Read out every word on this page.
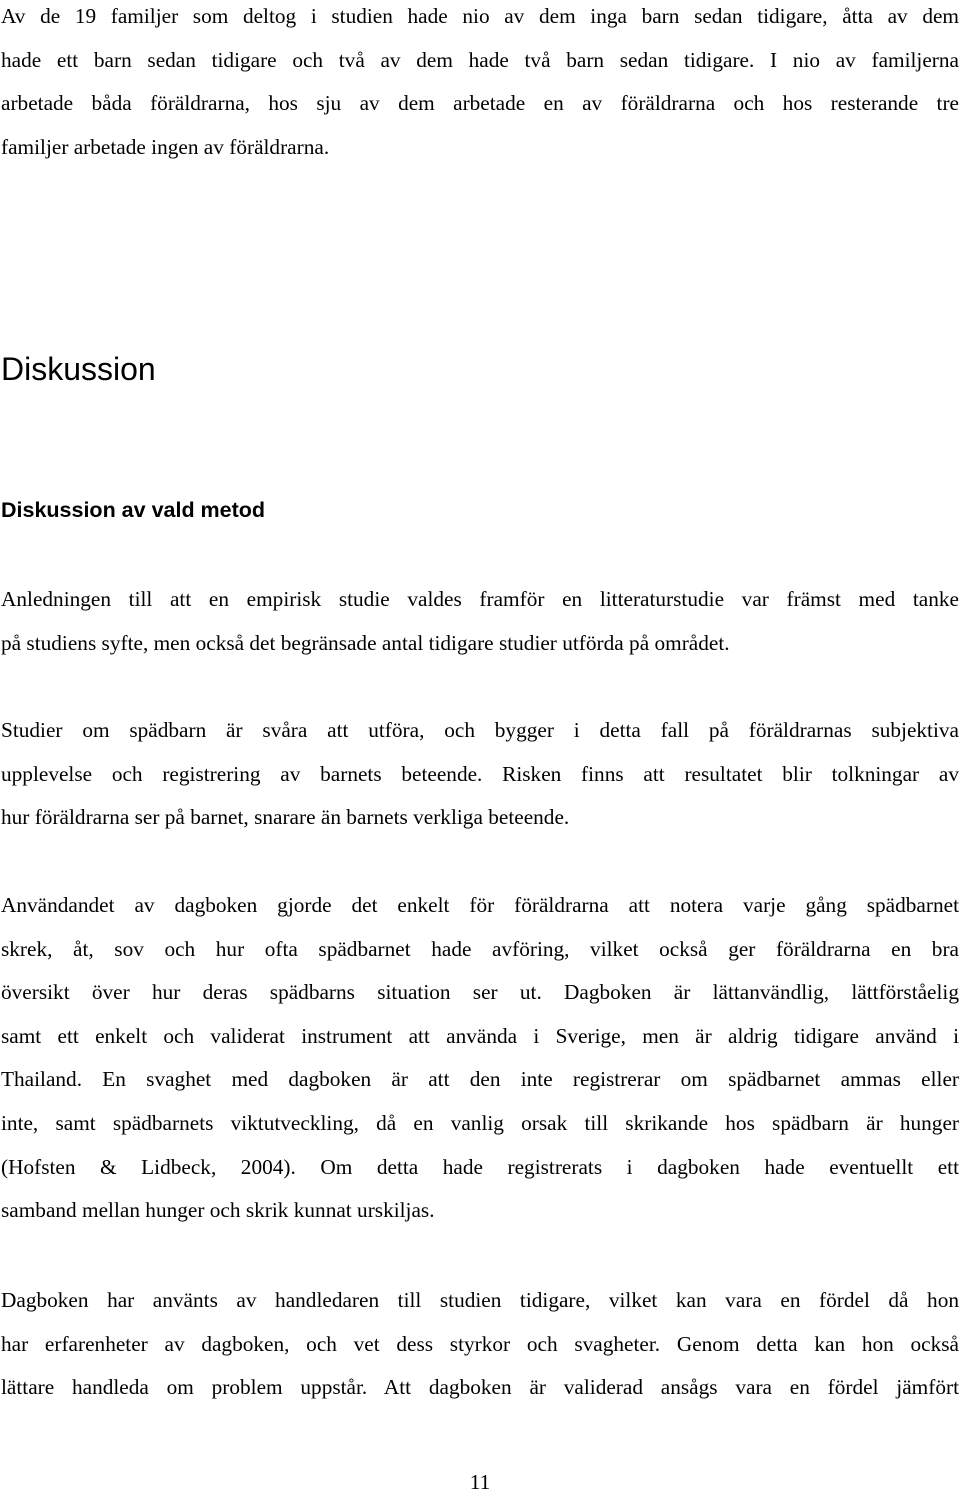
Av de 19 familjer som deltog i studien hade nio av dem inga barn sedan tidigare, åtta av dem
hade ett barn sedan tidigare och två av dem hade två barn sedan tidigare. I nio av familjerna
arbetade båda föräldrarna, hos sju av dem arbetade en av föräldrarna och hos resterande tre
familjer arbetade ingen av föräldrarna.

Diskussion
Diskussion av vald metod

Anledningen till att en empirisk studie valdes framför en litteraturstudie var främst med tanke
på studiens syfte, men också det begränsade antal tidigare studier utförda på området.

Studier om spädbarn är svåra att utföra, och bygger i detta fall på föräldrarnas subjektiva
upplevelse och registrering av barnets beteende. Risken finns att resultatet blir tolkningar av
hur föräldrarna ser på barnet, snarare än barnets verkliga beteende.

Användandet av dagboken gjorde det enkelt för föräldrarna att notera varje gång spädbarnet
skrek, åt, sov och hur ofta spädbarnet hade avföring, vilket också ger föräldrarna en bra
översikt över hur deras spädbarns situation ser ut. Dagboken är lättanvändlig, lättförståelig
samt ett enkelt och validerat instrument att använda i Sverige, men är aldrig tidigare använd i
Thailand. En svaghet med dagboken är att den inte registrerar om spädbarnet ammas eller
inte, samt spädbarnets viktutveckling, då en vanlig orsak till skrikande hos spädbarn är hunger
(Hofsten & Lidbeck, 2004). Om detta hade registrerats i dagboken hade eventuellt ett
samband mellan hunger och skrik kunnat urskiljas.

Dagboken har använts av handledaren till studien tidigare, vilket kan vara en fördel då hon
har erfarenheter av dagboken, och vet dess styrkor och svagheter. Genom detta kan hon också
lättare handleda om problem uppstår. Att dagboken är validerad ansågs vara en fördel jämfört

11
